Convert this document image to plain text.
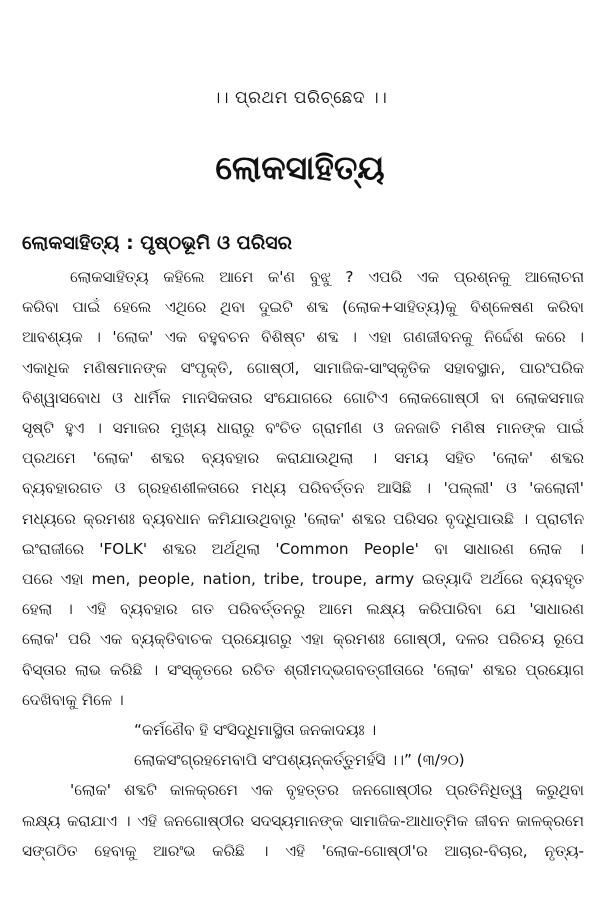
।। ପ୍ରଥମ ପରିଚ୍ଛେଦ ।।
ଲୋକସାହିତ୍ୟ
ଲୋକସାହିତ୍ୟ : ପୃଷ୍ଠଭୂମି ଓ ପରିସର
ଲୋକସାହିତ୍ୟ କହିଲେ ଆମେ କ'ଣ ବୁଝୁ ? ଏପରି ଏକ ପ୍ରଶ୍ନକୁ ଆଲୋଚନା
କରିବା ପାଇଁ ହେଲେ ଏଥିରେ ଥିବା ଦୁଇଟି ଶବ୍ଦ (ଲୋକ+ସାହିତ୍ୟ)କୁ ବିଶ୍ଳେଷଣ କରିବା
ଆବଶ୍ୟକ । 'ଲୋକ' ଏକ ବହୁବଚନ ବିଶିଷ୍ଟ ଶବ୍ଦ । ଏହା ଗଣଜୀବନକୁ ନିର୍ଦ୍ଦେଶ କରେ ।
ଏକାଧିକ ମଣିଷମାନଙ୍କ ସଂପୃକ୍ତି, ଗୋଷ୍ଠୀ, ସାମାଜିକ-ସାଂସ୍କୃତିକ ସହାବସ୍ଥାନ, ପାରଂପରିକ
ବିଶ୍ୱାସବୋଧ ଓ ଧାର୍ମିକ ମାନସିକତାର ସଂଯୋଗରେ ଗୋଟିଏ ଲୋକଗୋଷ୍ଠୀ ବା ଲୋକସମାଜ
ସୃଷ୍ଟି ହୁଏ । ସମାଜର ମୁଖ୍ୟ ଧାରାରୁ ବଂଚିତ ଗ୍ରାମୀଣ ଓ ଜନଜାତି ମଣିଷ ମାନଙ୍କ ପାଇଁ
ପ୍ରଥମେ 'ଲୋକ' ଶବ୍ଦର ବ୍ୟବହାର କରାଯାଉଥିଲା । ସମୟ ସହିତ 'ଲୋକ' ଶବ୍ଦର
ବ୍ୟବହାରଗତ ଓ ଗ୍ରହଣଶୀଳତାରେ ମଧ୍ୟ ପରିବର୍ତ୍ତନ ଆସିଛି । 'ପଲ୍ଲୀ' ଓ 'କଲୋନୀ'
ମଧ୍ୟରେ କ୍ରମଶଃ ବ୍ୟବଧାନ କମିଯାଉଥିବାରୁ 'ଲୋକ' ଶବ୍ଦର ପରିସର ବୃଦ୍ଧିପାଉଛି । ପ୍ରାଚୀନ
ଇଂରାଜୀରେ 'FOLK' ଶବ୍ଦର ଅର୍ଥଥିଲା 'Common People' ବା ସାଧାରଣ ଲୋକ ।
ପରେ ଏହା men, people, nation, tribe, troupe, army ଇତ୍ୟାଦି ଅର୍ଥରେ ବ୍ୟବହୃତ
ହେଲା । ଏହି ବ୍ୟବହାର ଗତ ପରିବର୍ତ୍ତନରୁ ଆମେ ଲକ୍ଷ୍ୟ କରିପାରିବା ଯେ 'ସାଧାରଣ
ଲୋକ' ପରି ଏକ ବ୍ୟକ୍ତିବାଚକ ପ୍ରୟୋଗରୁ ଏହା କ୍ରମଶଃ ଗୋଷ୍ଠୀ, ଦଳର ପରିଚୟ ରୂପେ
ବିସ୍ତାର ଲାଭ କରିଛି । ସଂସ୍କୃତରେ ରଚିତ ଶ୍ରୀମଦ୍ଭଗବତ୍‌ଗୀତାରେ 'ଲୋକ' ଶବ୍ଦର ପ୍ରୟୋଗ
ଦେଖିବାକୁ ମିଳେ ।
“କର୍ମଣୈବ ହି ସଂସିଦ୍ଧିମାସ୍ଥିତା ଜନକାଦୟଃ ।
ଲୋକସଂଗ୍ରହମେବାପି ସଂପଶ୍ୟନ୍‌କର୍ତ୍ତୁମର୍ହସି ।।” (୩/୨୦)
'ଲୋକ' ଶବ୍ଦଟି କାଳକ୍ରମେ ଏକ ବୃହତ୍ତର ଜନଗୋଷ୍ଠୀର ପ୍ରତିନିଧିତ୍ୱ କରୁଥିବା
ଲକ୍ଷ୍ୟ କରାଯାଏ । ଏହି ଜନଗୋଷ୍ଠୀର ସଦସ୍ୟମାନଙ୍କ ସାମାଜିକ-ଆଧାତ୍ମିକ ଜୀବନ କାଳକ୍ରମେ
ସଙ୍ଗଠିତ ହେବାକୁ ଆରଂଭ କରିଛି । ଏହି 'ଲୋକ-ଗୋଷ୍ଠୀ'ର ଆଚାର-ବିଚାର, ନୃତ୍ୟ-
